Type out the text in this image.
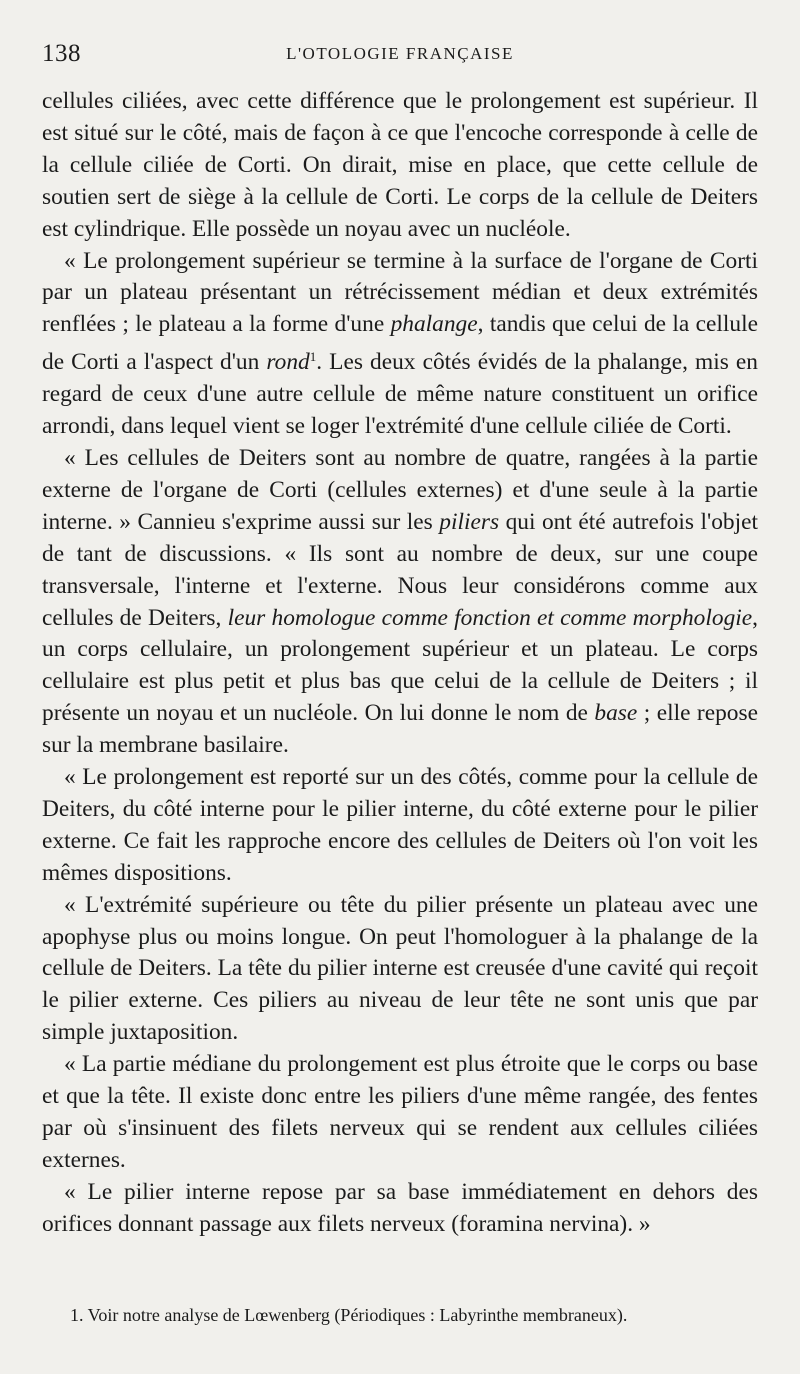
138	L'OTOLOGIE FRANÇAISE

cellules ciliées, avec cette différence que le prolongement est supérieur. Il est situé sur le côté, mais de façon à ce que l'encoche corresponde à celle de la cellule ciliée de Corti. On dirait, mise en place, que cette cellule de soutien sert de siège à la cellule de Corti. Le corps de la cellule de Deiters est cylindrique. Elle possède un noyau avec un nucléole.

« Le prolongement supérieur se termine à la surface de l'organe de Corti par un plateau présentant un rétrécissement médian et deux extrémités renflées ; le plateau a la forme d'une phalange, tandis que celui de la cellule de Corti a l'aspect d'un rond$^1$. Les deux côtés évidés de la phalange, mis en regard de ceux d'une autre cellule de même nature constituent un orifice arrondi, dans lequel vient se loger l'extrémité d'une cellule ciliée de Corti.

« Les cellules de Deiters sont au nombre de quatre, rangées à la partie externe de l'organe de Corti (cellules externes) et d'une seule à la partie interne. » Cannieu s'exprime aussi sur les piliers qui ont été autrefois l'objet de tant de discussions. « Ils sont au nombre de deux, sur une coupe transversale, l'interne et l'externe. Nous leur considérons comme aux cellules de Deiters, leur homologue comme fonction et comme morphologie, un corps cellulaire, un prolongement supérieur et un plateau. Le corps cellulaire est plus petit et plus bas que celui de la cellule de Deiters ; il présente un noyau et un nucléole. On lui donne le nom de base ; elle repose sur la membrane basilaire.

« Le prolongement est reporté sur un des côtés, comme pour la cellule de Deiters, du côté interne pour le pilier interne, du côté externe pour le pilier externe. Ce fait les rapproche encore des cellules de Deiters où l'on voit les mêmes dispositions.

« L'extrémité supérieure ou tête du pilier présente un plateau avec une apophyse plus ou moins longue. On peut l'homologuer à la phalange de la cellule de Deiters. La tête du pilier interne est creusée d'une cavité qui reçoit le pilier externe. Ces piliers au niveau de leur tête ne sont unis que par simple juxtaposition.

« La partie médiane du prolongement est plus étroite que le corps ou base et que la tête. Il existe donc entre les piliers d'une même rangée, des fentes par où s'insinuent des filets nerveux qui se rendent aux cellules ciliées externes.

« Le pilier interne repose par sa base immédiatement en dehors des orifices donnant passage aux filets nerveux (foramina nervina). »

1. Voir notre analyse de Lœwenberg (Périodiques : Labyrinthe membraneux).
